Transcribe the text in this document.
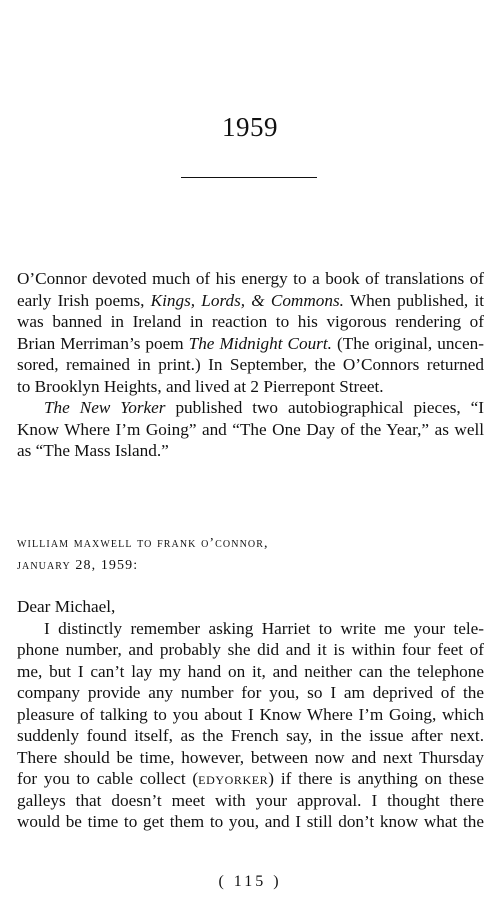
1959
O’Connor devoted much of his energy to a book of translations of
early Irish poems, Kings, Lords, & Commons. When published, it
was banned in Ireland in reaction to his vigorous rendering of
Brian Merriman’s poem The Midnight Court. (The original, uncen-
sored, remained in print.) In September, the O’Connors returned
to Brooklyn Heights, and lived at 2 Pierrepont Street.
The New Yorker published two autobiographical pieces, “I
Know Where I’m Going” and “The One Day of the Year,” as well
as “The Mass Island.”
william maxwell to frank o’connor,
january 28, 1959:
Dear Michael,
I distinctly remember asking Harriet to write me your tele-
phone number, and probably she did and it is within four feet of
me, but I can’t lay my hand on it, and neither can the telephone
company provide any number for you, so I am deprived of the
pleasure of talking to you about I Know Where I’m Going, which
suddenly found itself, as the French say, in the issue after next.
There should be time, however, between now and next Thursday
for you to cable collect (edyorker) if there is anything on these
galleys that doesn’t meet with your approval. I thought there
would be time to get them to you, and I still don’t know what the
( 115 )
